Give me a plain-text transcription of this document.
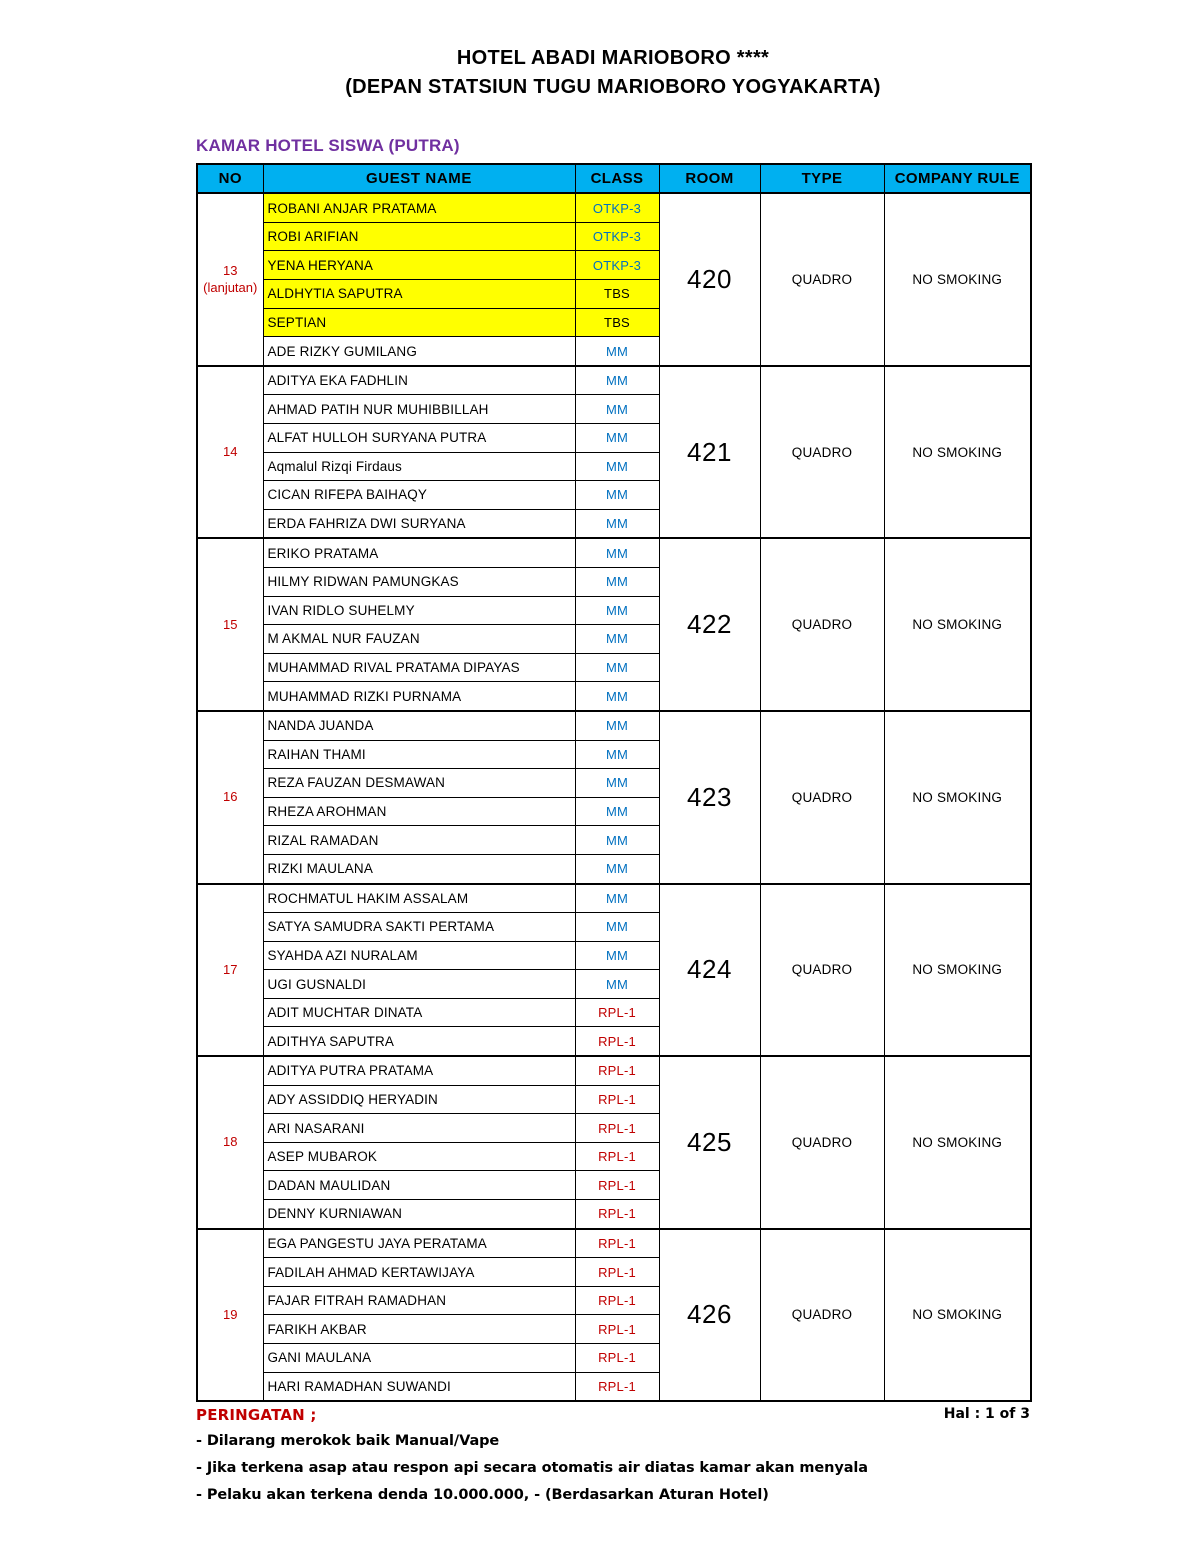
HOTEL ABADI MARIOBORO ****
(DEPAN STATSIUN TUGU MARIOBORO YOGYAKARTA)
KAMAR HOTEL SISWA (PUTRA)
NO	GUEST NAME	CLASS	ROOM	TYPE	COMPANY RULE

13
(lanjutan)	ROBANI ANJAR PRATAMA	OTKP-3	420	QUADRO	NO SMOKING
	ROBI ARIFIAN	OTKP-3			
	YENA HERYANA	OTKP-3			
	ALDHYTIA SAPUTRA	TBS			
	SEPTIAN	TBS			
	ADE RIZKY GUMILANG	MM			

14	ADITYA EKA FADHLIN	MM	421	QUADRO	NO SMOKING
	AHMAD PATIH NUR MUHIBBILLAH	MM			
	ALFAT HULLOH SURYANA PUTRA	MM			
	Aqmalul Rizqi Firdaus	MM			
	CICAN RIFEPA BAIHAQY	MM			
	ERDA FAHRIZA DWI SURYANA	MM			

15	ERIKO PRATAMA	MM	422	QUADRO	NO SMOKING
	HILMY RIDWAN PAMUNGKAS	MM			
	IVAN RIDLO SUHELMY	MM			
	M AKMAL NUR FAUZAN	MM			
	MUHAMMAD RIVAL PRATAMA DIPAYAS	MM			
	MUHAMMAD RIZKI PURNAMA	MM			

16	NANDA JUANDA	MM	423	QUADRO	NO SMOKING
	RAIHAN THAMI	MM			
	REZA FAUZAN DESMAWAN	MM			
	RHEZA AROHMAN	MM			
	RIZAL RAMADAN	MM			
	RIZKI MAULANA	MM			

17	ROCHMATUL HAKIM ASSALAM	MM	424	QUADRO	NO SMOKING
	SATYA SAMUDRA SAKTI PERTAMA	MM			
	SYAHDA AZI NURALAM	MM			
	UGI GUSNALDI	MM			
	ADIT MUCHTAR DINATA	RPL-1			
	ADITHYA SAPUTRA	RPL-1			

18	ADITYA PUTRA PRATAMA	RPL-1	425	QUADRO	NO SMOKING
	ADY ASSIDDIQ HERYADIN	RPL-1			
	ARI NASARANI	RPL-1			
	ASEP MUBAROK	RPL-1			
	DADAN MAULIDAN	RPL-1			
	DENNY KURNIAWAN	RPL-1			

19	EGA PANGESTU JAYA PERATAMA	RPL-1	426	QUADRO	NO SMOKING
	FADILAH AHMAD KERTAWIJAYA	RPL-1			
	FAJAR FITRAH RAMADHAN	RPL-1			
	FARIKH AKBAR	RPL-1			
	GANI MAULANA	RPL-1			
	HARI RAMADHAN SUWANDI	RPL-1			
PERINGATAN ;	Hal : 1 of 3
- Dilarang merokok baik Manual/Vape
- Jika terkena asap atau respon api secara otomatis air diatas kamar akan menyala
- Pelaku akan terkena denda 10.000.000, - (Berdasarkan Aturan Hotel)
